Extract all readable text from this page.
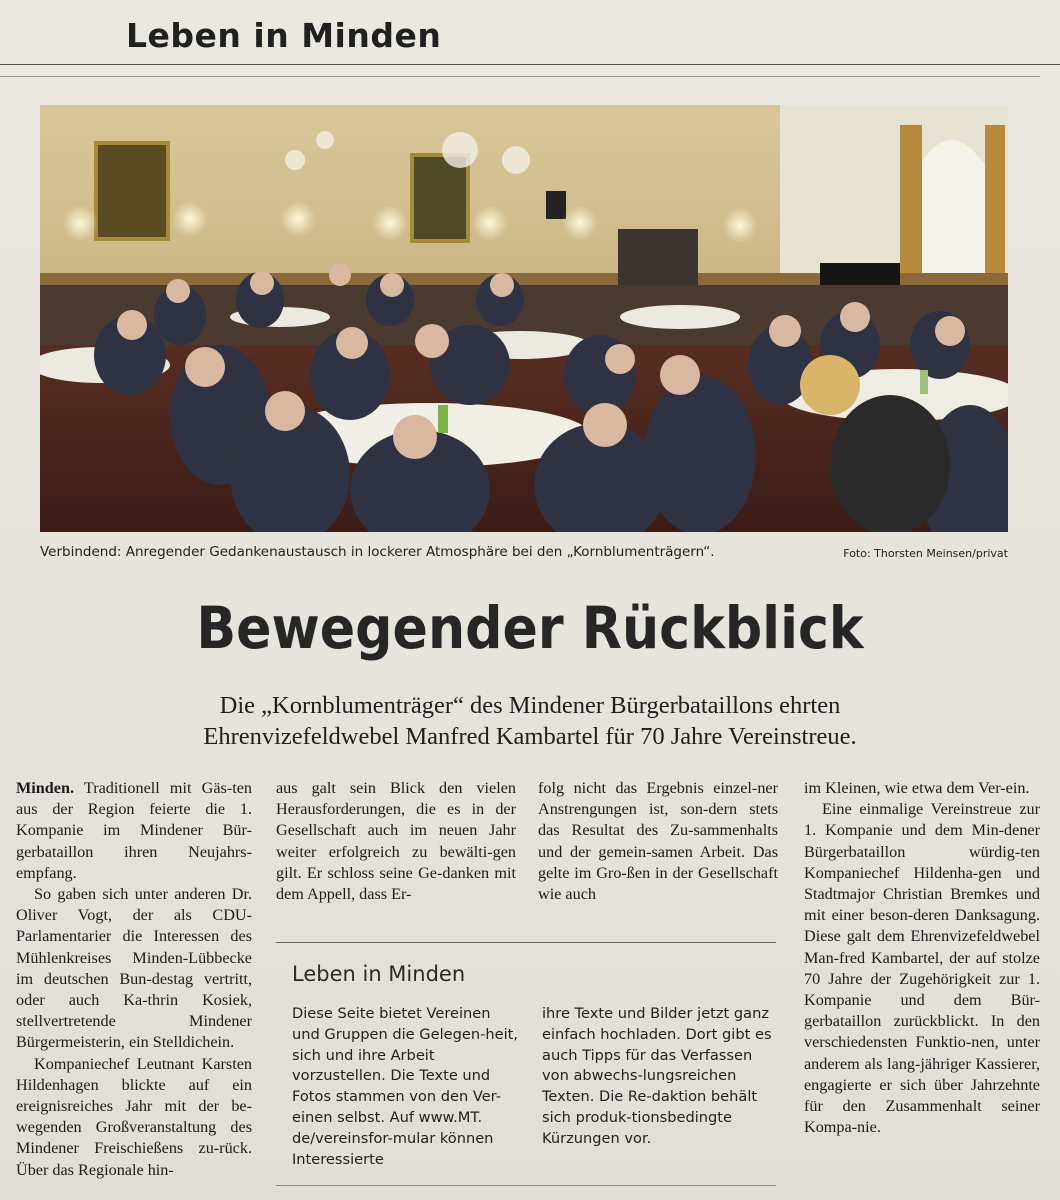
Leben in Minden
Verbindend: Anregender Gedankenaustausch in lockerer Atmosphäre bei den „Kornblumenträgern“.	Foto: Thorsten Meinsen/privat
Bewegender Rückblick
Die „Kornblumenträger“ des Mindener Bürgerbataillons ehrten
Ehrenvizefeldwebel Manfred Kambartel für 70 Jahre Vereinstreue.

Minden. Traditionell mit Gäs-ten aus der Region feierte die 1. Kompanie im Mindener Bür-gerbataillon ihren Neujahrs-empfang.

So gaben sich unter anderen Dr. Oliver Vogt, der als CDU-Parlamentarier die Interessen des Mühlenkreises Minden-Lübbecke im deutschen Bun-destag vertritt, oder auch Ka-thrin Kosiek, stellvertretende Mindener Bürgermeisterin, ein Stelldichein.

Kompaniechef Leutnant Karsten Hildenhagen blickte auf ein ereignisreiches Jahr mit der be-wegenden Großveranstaltung des Mindener Freischießens zu-rück. Über das Regionale hin-

aus galt sein Blick den vielen Herausforderungen, die es in der Gesellschaft auch im neuen Jahr weiter erfolgreich zu bewälti-gen gilt. Er schloss seine Ge-danken mit dem Appell, dass Er-

folg nicht das Ergebnis einzel-ner Anstrengungen ist, son-dern stets das Resultat des Zu-sammenhalts und der gemein-samen Arbeit. Das gelte im Gro-ßen in der Gesellschaft wie auch

im Kleinen, wie etwa dem Ver-ein.

Eine einmalige Vereinstreue zur 1. Kompanie und dem Min-dener Bürgerbataillon würdig-ten Kompaniechef Hildenha-gen und Stadtmajor Christian Bremkes und mit einer beson-deren Danksagung. Diese galt dem Ehrenvizefeldwebel Man-fred Kambartel, der auf stolze 70 Jahre der Zugehörigkeit zur 1. Kompanie und dem Bür-gerbataillon zurückblickt. In den verschiedensten Funktio-nen, unter anderem als lang-jähriger Kassierer, engagierte er sich über Jahrzehnte für den Zusammenhalt seiner Kompa-nie.

Leben in Minden
Diese Seite bietet Vereinen und Gruppen die Gelegen-heit, sich und ihre Arbeit vorzustellen. Die Texte und Fotos stammen von den Ver-einen selbst. Auf www.MT. de/vereinsfor-mular können Interessierte
ihre Texte und Bilder jetzt ganz einfach hochladen. Dort gibt es auch Tipps für das Verfassen von abwechs-lungsreichen Texten. Die Re-daktion behält sich produk-tionsbedingte Kürzungen vor.
